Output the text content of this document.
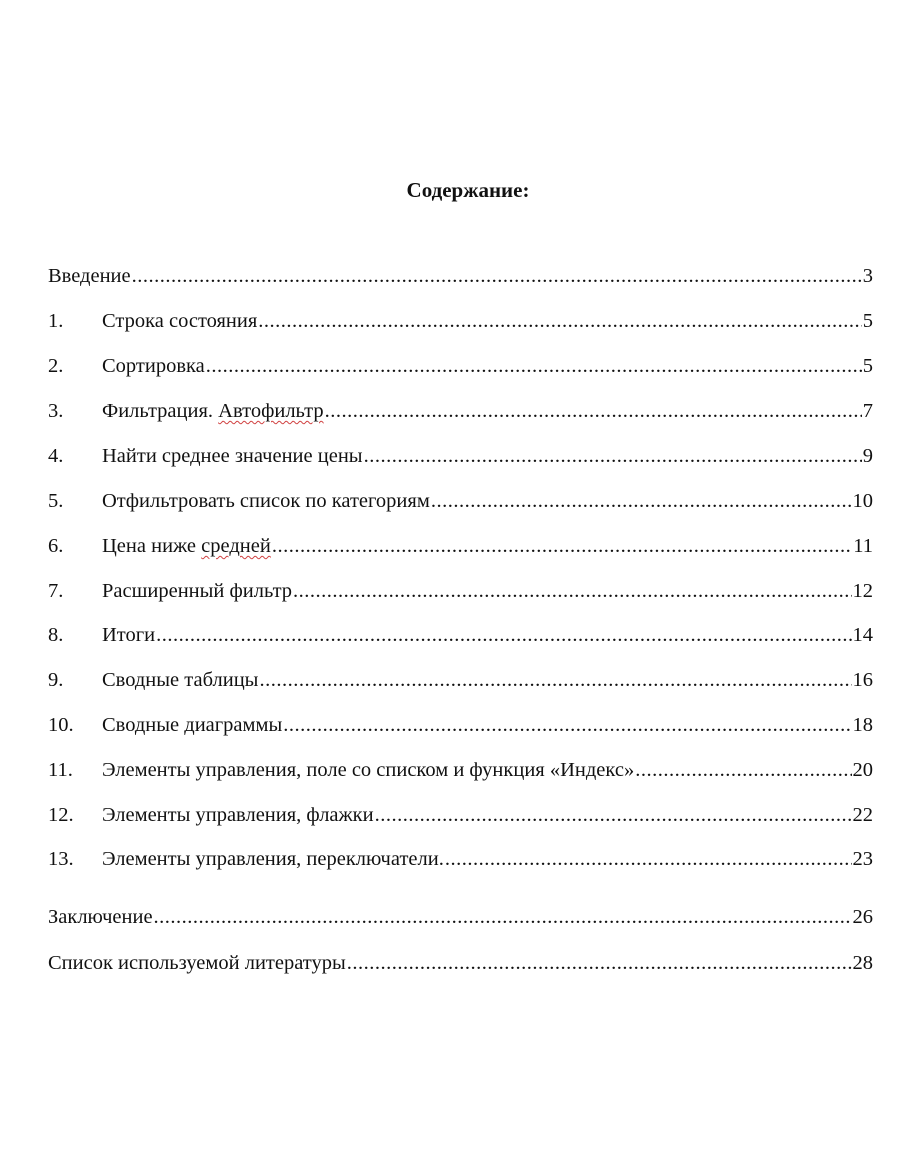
Содержание:
Введение .....	3
1.	Строка состояния .....	5
2.	Сортировка .....	5
3.	Фильтрация. Автофильтр .....	7
4.	Найти среднее значение цены .....	9
5.	Отфильтровать список по категориям .....	10
6.	Цена ниже средней .....	11
7.	Расширенный фильтр .....	12
8.	Итоги .....	14
9.	Сводные таблицы .....	16
10.	Сводные диаграммы .....	18
11.	Элементы управления, поле со списком и функция «Индекс» .....	20
12.	Элементы управления, флажки .....	22
13.	Элементы управления, переключатели. .....	23
Заключение .....	26
Список используемой литературы .....	28
